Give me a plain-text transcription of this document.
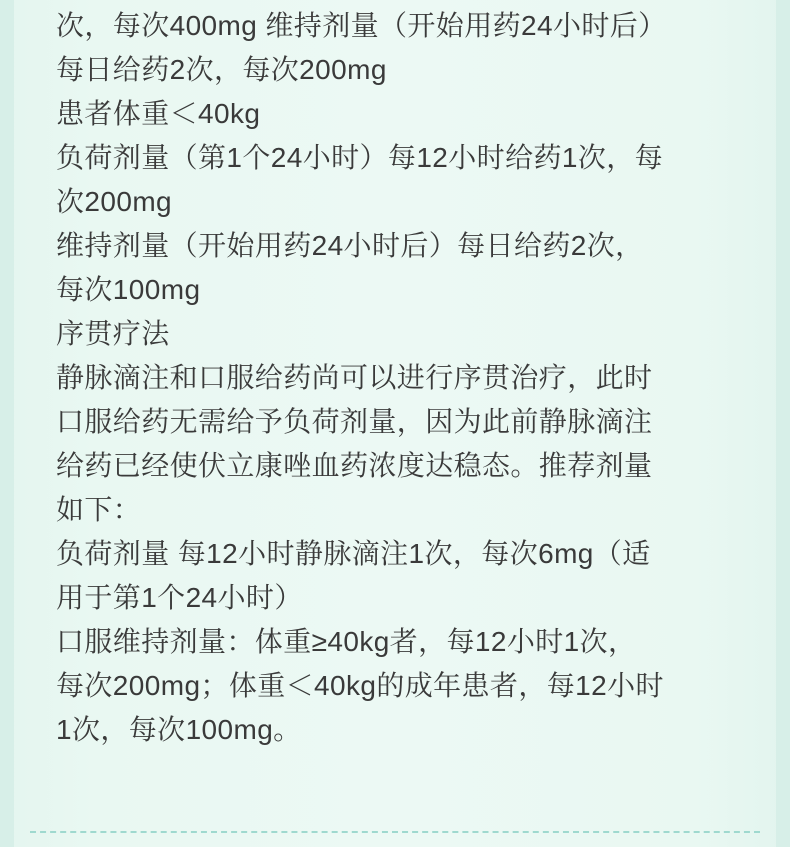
次，每次400mg 维持剂量（开始用药24小时后）
每日给药2次，每次200mg
患者体重＜40kg
负荷剂量（第1个24小时）每12小时给药1次，每
次200mg
维持剂量（开始用药24小时后）每日给药2次，
每次100mg
序贯疗法
静脉滴注和口服给药尚可以进行序贯治疗，此时
口服给药无需给予负荷剂量，因为此前静脉滴注
给药已经使伏立康唑血药浓度达稳态。推荐剂量
如下：
负荷剂量 每12小时静脉滴注1次，每次6mg（适
用于第1个24小时）
口服维持剂量：体重≥40kg者，每12小时1次，
每次200mg；体重＜40kg的成年患者，每12小时
1次，每次100mg。
